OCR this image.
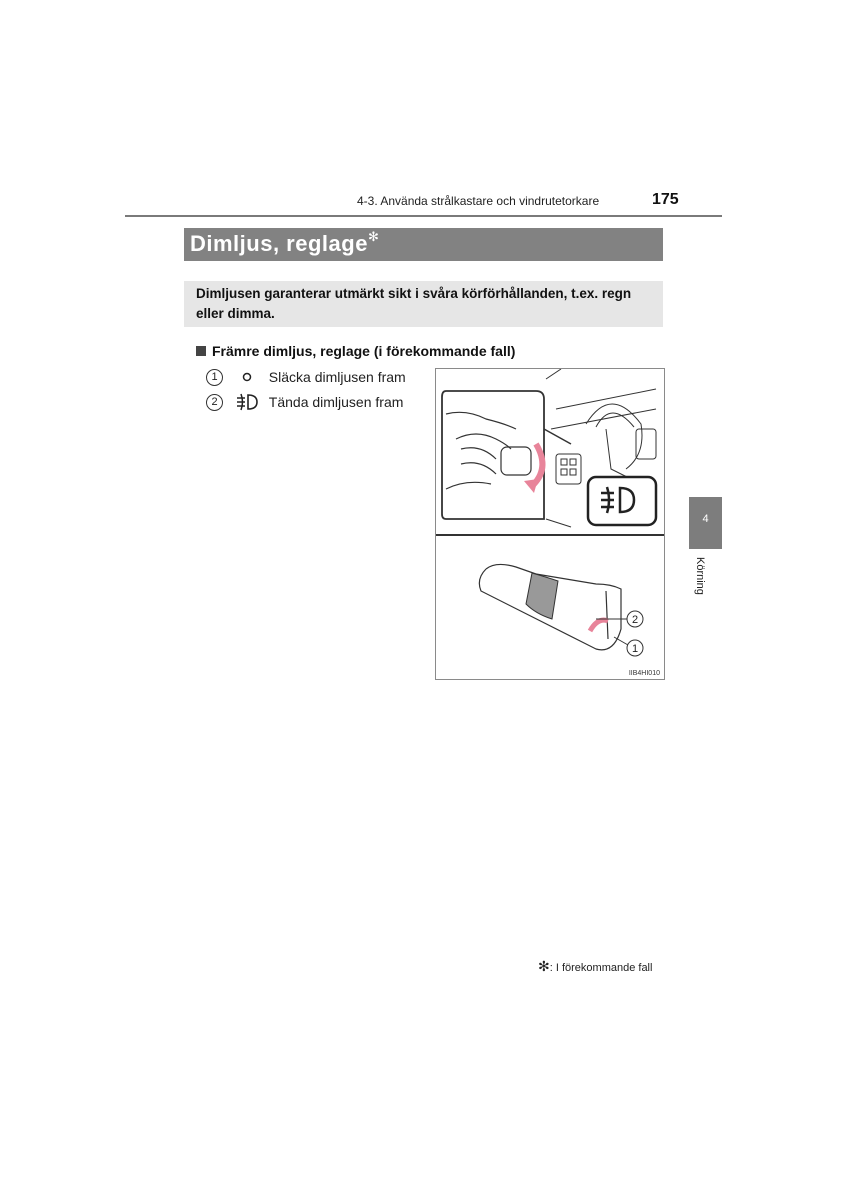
4-3. Använda strålkastare och vindrutetorkare	175
Dimljus, reglage✻
Dimljusen garanterar utmärkt sikt i svåra körförhållanden, t.ex. regn eller dimma.
Främre dimljus, reglage (i förekommande fall)
1	Släcka dimljusen fram
2	Tända dimljusen fram
2
1
IIB4HI010
4
Körning
✻: I förekommande fall
